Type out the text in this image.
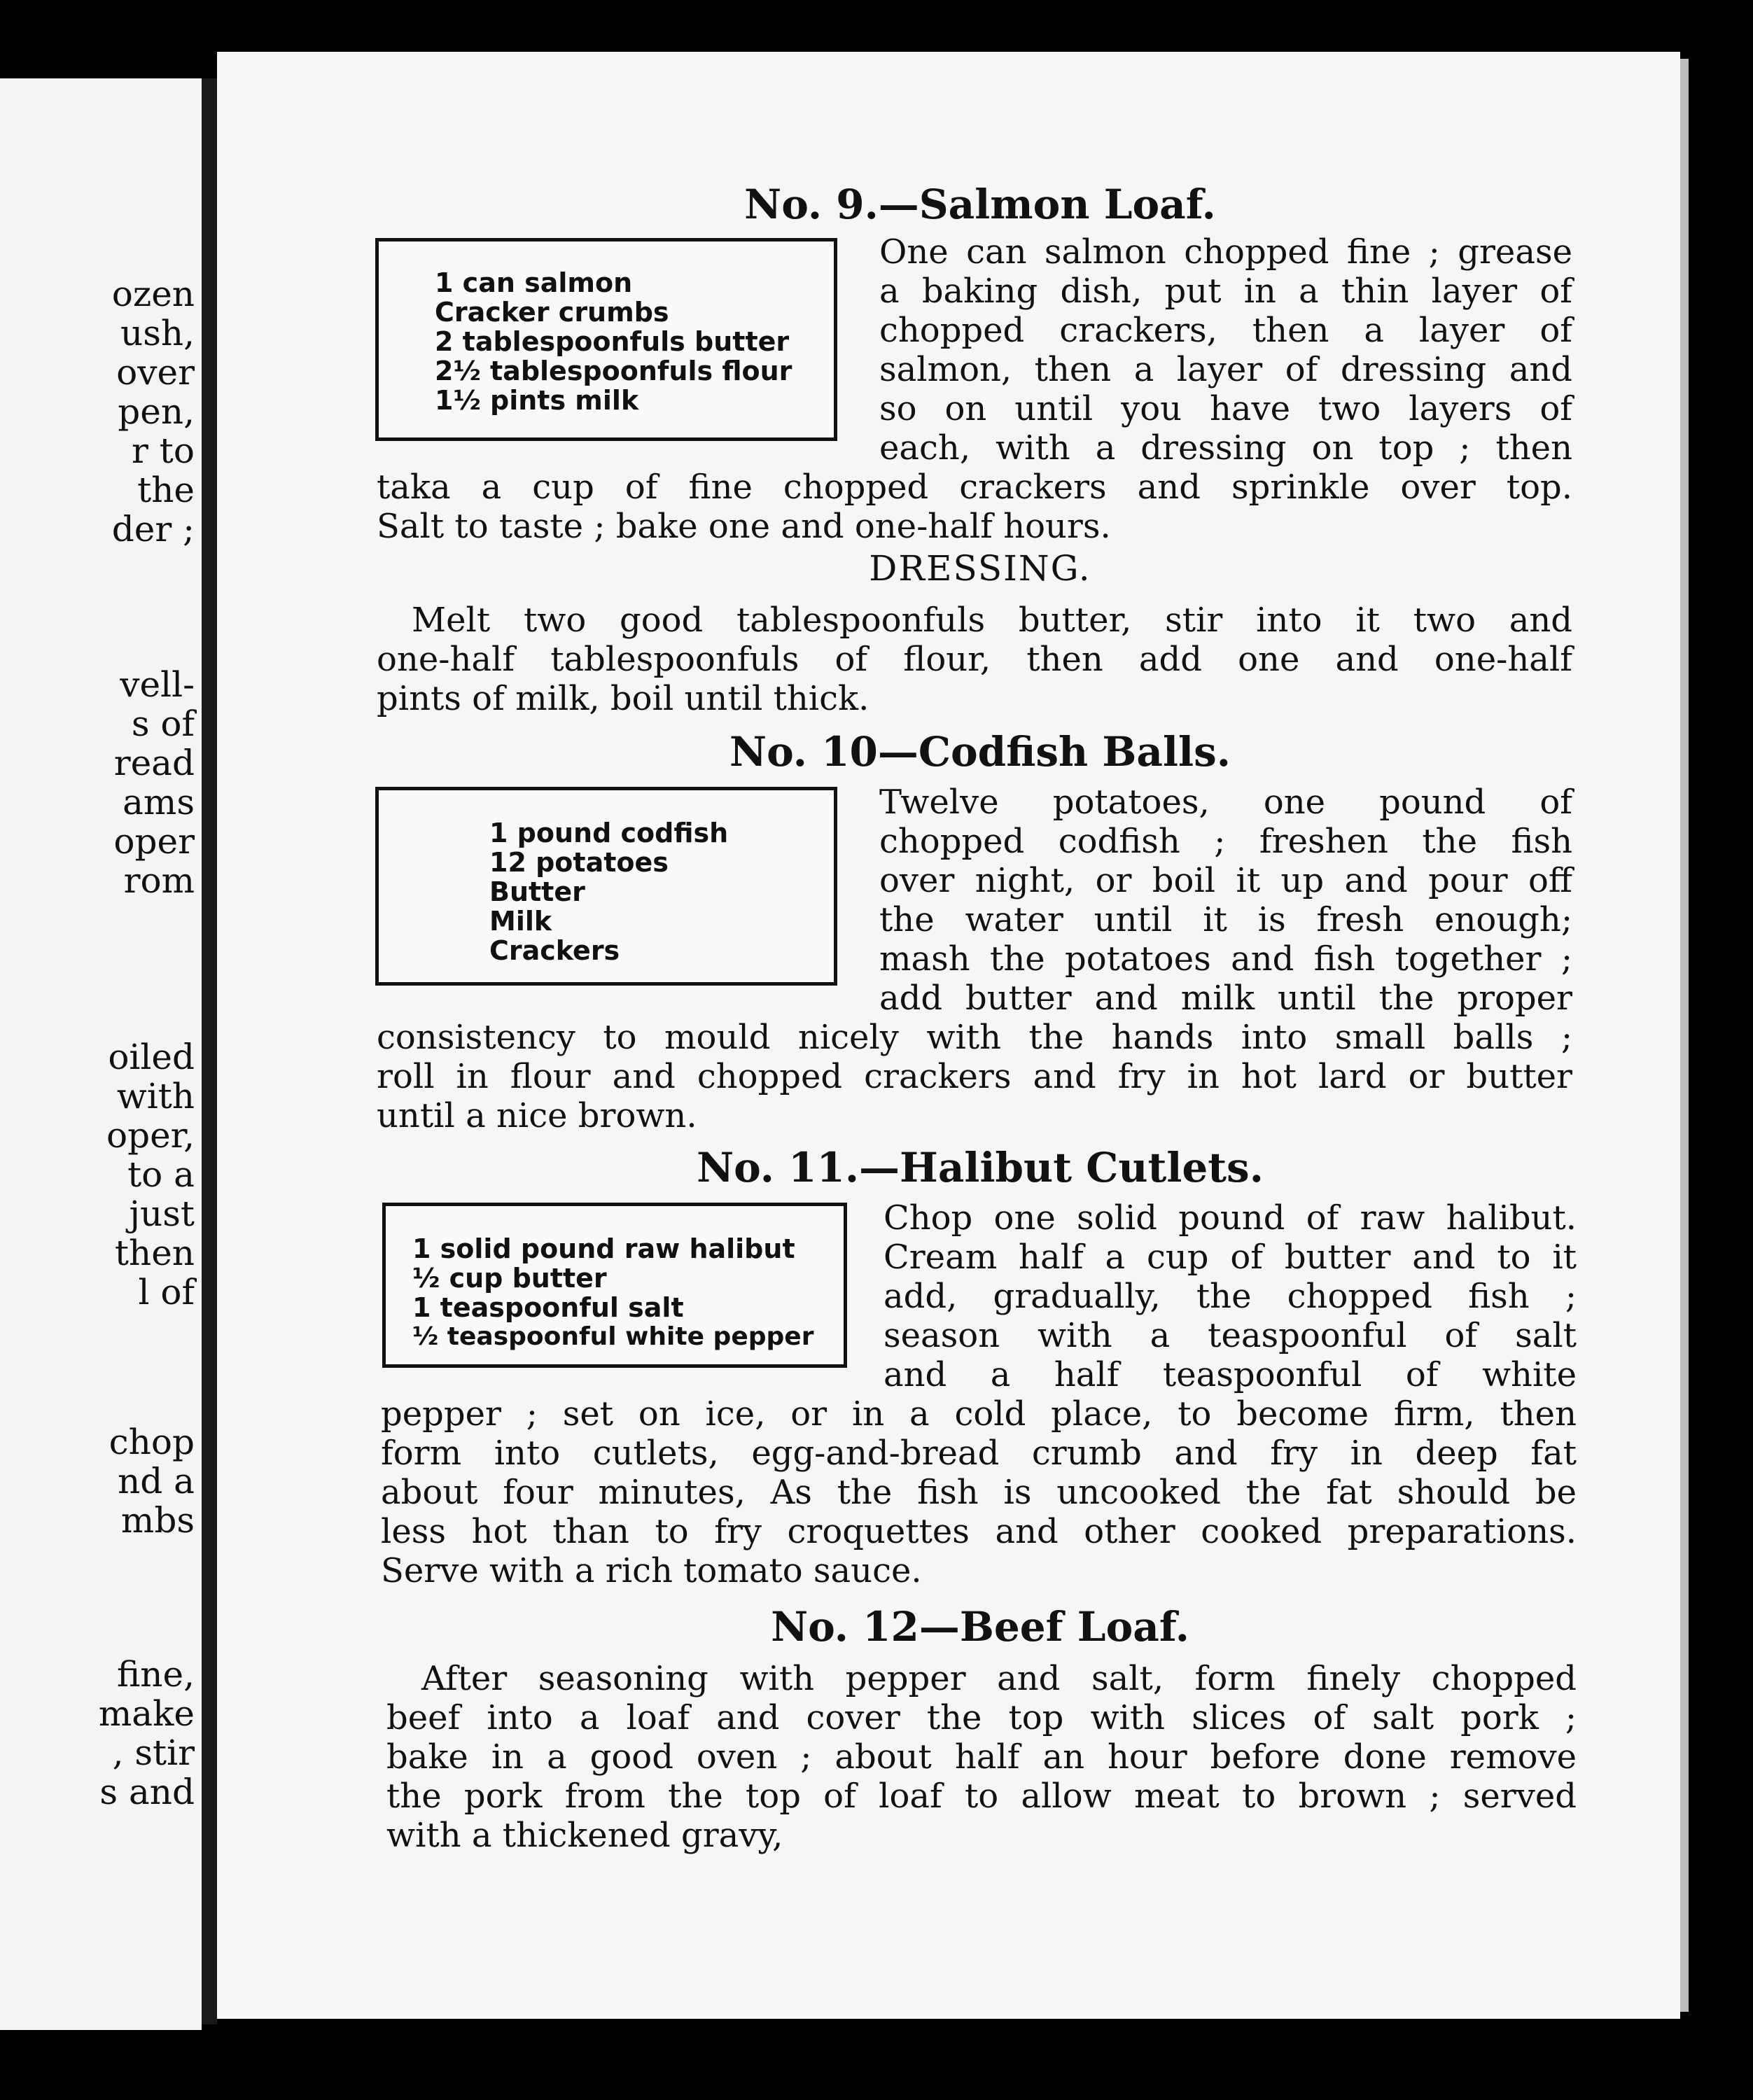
ozen
ush,
over
pen,
r to
the
der ;
vell-
s of
read
ams
oper
rom
oiled
with
oper,
to a
just
then
l of
chop
nd a
mbs
fine,
make
, stir
s and
No. 9.—Salmon Loaf.
1 can salmon
Cracker crumbs
2 tablespoonfuls butter
2½ tablespoonfuls flour
1½ pints milk
One can salmon chopped fine ; grease
a baking dish, put in a thin layer of
chopped crackers, then a layer of
salmon, then a layer of dressing and
so on until you have two layers of
each, with a dressing on top ; then
taka a cup of fine chopped crackers and sprinkle over top.
Salt to taste ; bake one and one-half hours.
DRESSING.
Melt two good tablespoonfuls butter, stir into it two and
one-half tablespoonfuls of flour, then add one and one-half
pints of milk, boil until thick.
No. 10—Codfish Balls.
1 pound codfish
12 potatoes
Butter
Milk
Crackers
Twelve potatoes, one pound of
chopped codfish ; freshen the fish
over night, or boil it up and pour off
the water until it is fresh enough;
mash the potatoes and fish together ;
add butter and milk until the proper
consistency to mould nicely with the hands into small balls ;
roll in flour and chopped crackers and fry in hot lard or butter
until a nice brown.
No. 11.—Halibut Cutlets.
1 solid pound raw halibut
½ cup butter
1 teaspoonful salt
½ teaspoonful white pepper
Chop one solid pound of raw halibut.
Cream half a cup of butter and to it
add, gradually, the chopped fish ;
season with a teaspoonful of salt
and a half teaspoonful of white
pepper ; set on ice, or in a cold place, to become firm, then
form into cutlets, egg-and-bread crumb and fry in deep fat
about four minutes, As the fish is uncooked the fat should be
less hot than to fry croquettes and other cooked preparations.
Serve with a rich tomato sauce.
No. 12—Beef Loaf.
After seasoning with pepper and salt, form finely chopped
beef into a loaf and cover the top with slices of salt pork ;
bake in a good oven ; about half an hour before done remove
the pork from the top of loaf to allow meat to brown ; served
with a thickened gravy,
